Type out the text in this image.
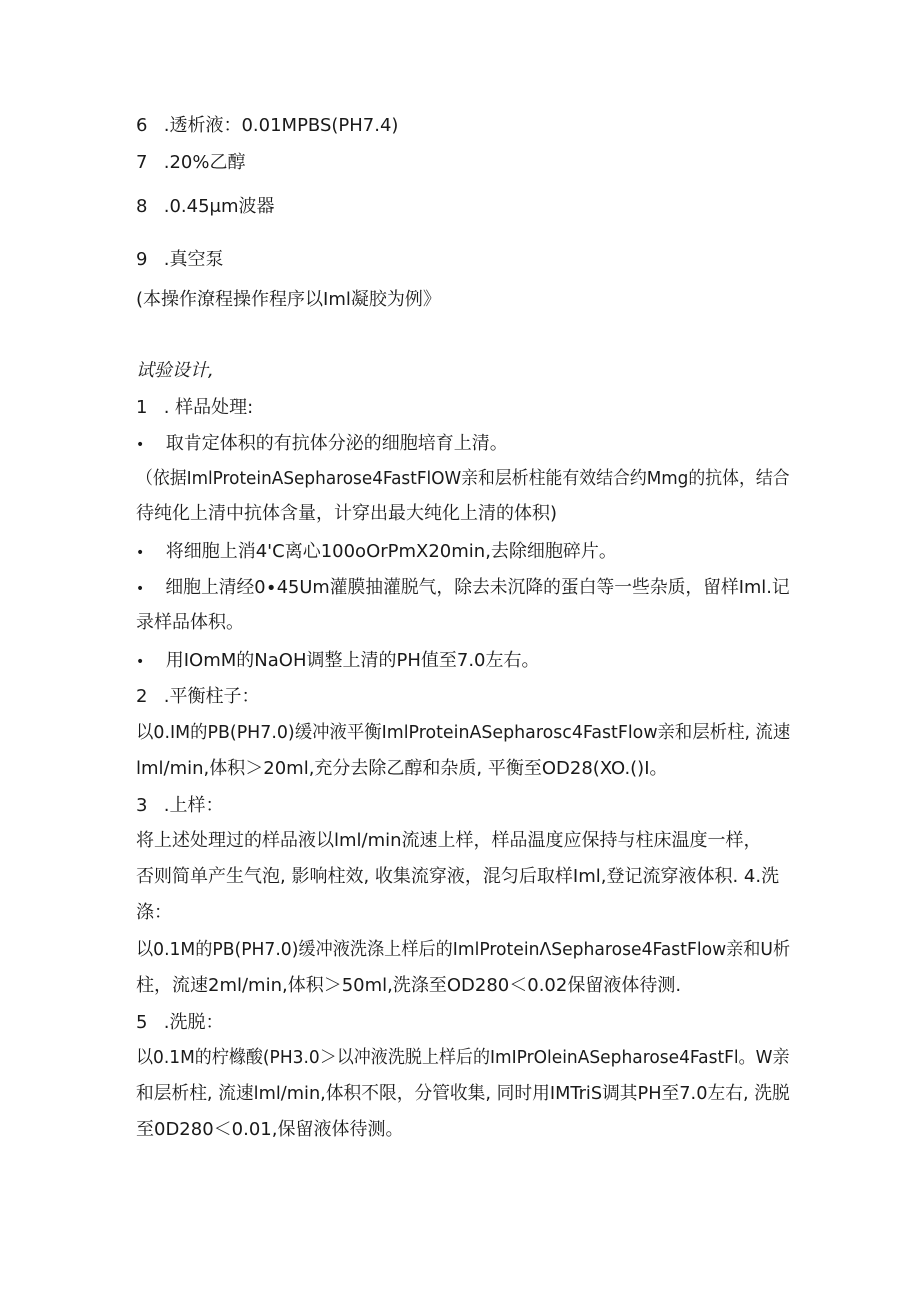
6 .透析液：0.01MPBS(PH7.4)
7 .20%乙醇
8 .0.45μm波器
9 .真空泵
(本操作潦程操作程序以Iml凝胶为例》
试验设计,
1 . 样品处理:
• 取肯定体积的有抗体分泌的细胞培育上清。
（依据ImlProteinASepharose4FastFlOW亲和层析柱能有效结合约Mmg的抗体，结合
待纯化上清中抗体含量，计穿出最大纯化上清的体积)
• 将细胞上消4'C离心100oOrPmX20min,去除细胞碎片。
• 细胞上清经0∙45Um灌膜抽灌脱气，除去未沉降的蛋白等一些杂质，留样Iml.记
录样品体积。
• 用IOmM的NaOH调整上清的PH值至7.0左右。
2 .平衡柱子：
以0.IM的PB(PH7.0)缓冲液平衡ImlProteinASepharosc4FastFlow亲和层析柱, 流速
lml∕min,体积＞20ml,充分去除乙醇和杂质, 平衡至OD28(XO.()I。
3 .上样：
将上述处理过的样品液以lml∕min流速上样，样品温度应保持与柱床温度一样，
否则简单产生气泡, 影响柱效, 收集流穿液，混匀后取样Iml,登记流穿液体积. 4.洗
涤：
以0.1M的PB(PH7.0)缓冲液洗涤上样后的ImlProteinΛSepharose4FastFlow亲和U析
柱，流速2ml∕min,体积＞50ml,洗涤至OD280＜0.02保留液体待测.
5 .洗脱：
以0.1M的柠橼酸(PH3.0＞以冲液洗脱上样后的ImIPrOleinASepharose4FastFl。W亲
和层析柱, 流速lml∕min,体积不限，分管收集, 同时用IMTriS调其PH至7.0左右, 洗脱
至0D280＜0.01,保留液体待测。
